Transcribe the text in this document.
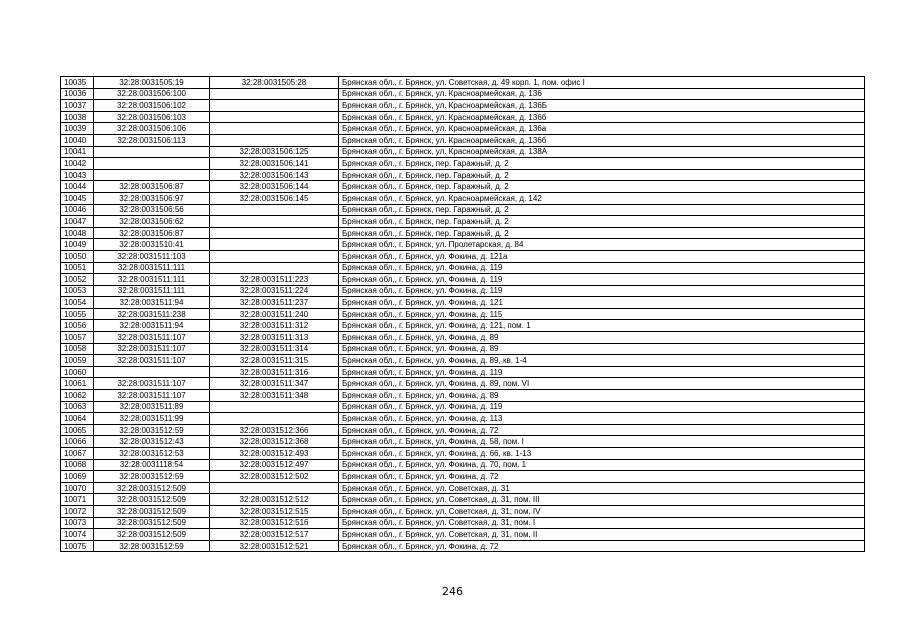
10035	32:28:0031505:19	32:28:0031505:28	Брянская обл., г. Брянск, ул. Советская, д. 49 корп. 1, пом. офис I
10036	32:28:0031506:100		Брянская обл., г. Брянск, ул. Красноармейская, д. 136
10037	32:28:0031506:102		Брянская обл., г. Брянск, ул. Красноармейская, д. 136Б
10038	32:28:0031506:103		Брянская обл., г. Брянск, ул. Красноармейская, д. 136б
10039	32:28:0031506:106		Брянская обл., г. Брянск, ул. Красноармейская, д. 136а
10040	32:28:0031506:113		Брянская обл., г. Брянск, ул. Красноармейская, д. 136б
10041		32:28:0031506:125	Брянская обл., г. Брянск, ул. Красноармейская, д. 138А
10042		32:28:0031506:141	Брянская обл., г. Брянск, пер. Гаражный, д. 2
10043		32:28:0031506:143	Брянская обл., г. Брянск, пер. Гаражный, д. 2
10044	32:28:0031506:87	32:28:0031506:144	Брянская обл., г. Брянск, пер. Гаражный, д. 2
10045	32:28:0031506:97	32:28:0031506:145	Брянская обл., г. Брянск, ул. Красноармейская, д. 142
10046	32:28:0031506:56		Брянская обл., г. Брянск, пер. Гаражный, д. 2
10047	32:28:0031506:62		Брянская обл., г. Брянск, пер. Гаражный, д. 2
10048	32:28:0031506:87		Брянская обл., г. Брянск, пер. Гаражный, д. 2
10049	32:28:0031510:41		Брянская обл., г. Брянск, ул. Пролетарская, д. 84
10050	32:28:0031511:103		Брянская обл., г. Брянск, ул. Фокина, д. 121а
10051	32:28:0031511:111		Брянская обл., г. Брянск, ул. Фокина, д. 119
10052	32:28:0031511:111	32:28:0031511:223	Брянская обл., г. Брянск, ул. Фокина, д. 119
10053	32:28:0031511:111	32:28:0031511:224	Брянская обл., г. Брянск, ул. Фокина, д. 119
10054	32:28:0031511:94	32:28:0031511:237	Брянская обл., г. Брянск, ул. Фокина, д. 121
10055	32:28:0031511:238	32:28:0031511:240	Брянская обл., г. Брянск, ул. Фокина, д. 115
10056	32:28:0031511:94	32:28:0031511:312	Брянская обл., г. Брянск, ул. Фокина, д. 121, пом. 1
10057	32:28:0031511:107	32:28:0031511:313	Брянская обл., г. Брянск, ул. Фокина, д. 89
10058	32:28:0031511:107	32:28:0031511:314	Брянская обл., г. Брянск, ул. Фокина, д. 89
10059	32:28:0031511:107	32:28:0031511:315	Брянская обл., г. Брянск, ул. Фокина, д. 89, кв. 1-4
10060		32:28:0031511:316	Брянская обл., г. Брянск, ул. Фокина, д. 119
10061	32:28:0031511:107	32:28:0031511:347	Брянская обл., г. Брянск, ул. Фокина, д. 89, пом. VI
10062	32:28:0031511:107	32:28:0031511:348	Брянская обл., г. Брянск, ул. Фокина, д. 89
10063	32:28:0031511:89		Брянская обл., г. Брянск, ул. Фокина, д. 119
10064	32:28:0031511:99		Брянская обл., г. Брянск, ул. Фокина, д. 113
10065	32:28:0031512:59	32:28:0031512:366	Брянская обл., г. Брянск, ул. Фокина, д. 72
10066	32:28:0031512:43	32:28:0031512:368	Брянская обл., г. Брянск, ул. Фокина, д. 58, пом. I
10067	32:28:0031512:53	32:28:0031512:493	Брянская обл., г. Брянск, ул. Фокина, д. 66, кв. 1-13
10068	32:28:0031118:54	32:28:0031512:497	Брянская обл., г. Брянск, ул. Фокина, д. 70, пом. 1
10069	32:28:0031512:59	32:28:0031512:502	Брянская обл., г. Брянск, ул. Фокина, д. 72
10070	32:28:0031512:509		Брянская обл., г. Брянск, ул. Советская, д. 31
10071	32:28:0031512:509	32:28:0031512:512	Брянская обл., г. Брянск, ул. Советская, д. 31, пом. III
10072	32:28:0031512:509	32:28:0031512:515	Брянская обл., г. Брянск, ул. Советская, д. 31, пом. IV
10073	32:28:0031512:509	32:28:0031512:516	Брянская обл., г. Брянск, ул. Советская, д. 31, пом. I
10074	32:28:0031512:509	32:28:0031512:517	Брянская обл., г. Брянск, ул. Советская, д. 31, пом. II
10075	32:28:0031512:59	32:28:0031512:521	Брянская обл., г. Брянск, ул. Фокина, д. 72
246
